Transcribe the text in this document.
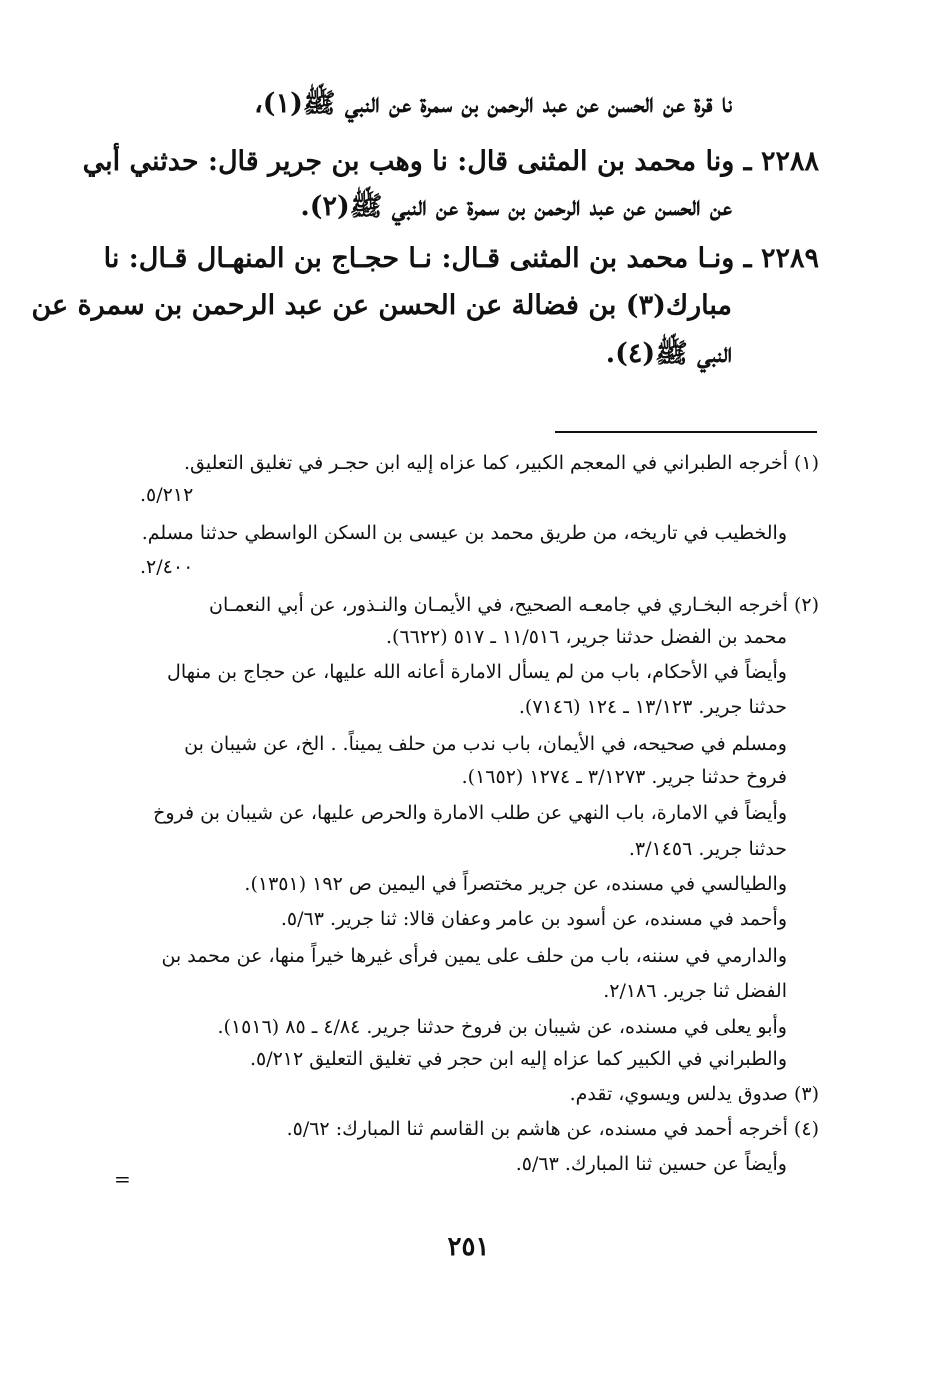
نا قرة عن الحسن عن عبد الرحمن بن سمرة عن النبي ﷺ(١)،
٢٢٨٨ ـ ونا محمد بن المثنى قال: نا وهب بن جرير قال: حدثني أبي
عن الحسن عن عبد الرحمن بن سمرة عن النبي ﷺ(٢).
٢٢٨٩ ـ ونـا محمد بن المثنى قـال: نـا حجـاج بن المنهـال قـال: نا
مبارك(٣) بن فضالة عن الحسن عن عبد الرحمن بن سمرة عن
النبي ﷺ(٤).
(١) أخرجه الطبراني في المعجم الكبير، كما عزاه إليه ابن حجـر في تغليق التعليق.
٥/٢١٢.
والخطيب في تاريخه، من طريق محمد بن عيسى بن السكن الواسطي حدثنا مسلم.
٢/٤٠٠.
(٢) أخرجه البخـاري في جامعـه الصحيح، في الأيمـان والنـذور، عن أبي النعمـان
محمد بن الفضل حدثنا جرير، ١١/٥١٦ ـ ٥١٧ (٦٦٢٢).
وأيضاً في الأحكام، باب من لم يسأل الامارة أعانه الله عليها، عن حجاج بن منهال
حدثنا جرير. ١٣/١٢٣ ـ ١٢٤ (٧١٤٦).
ومسلم في صحيحه، في الأيمان، باب ندب من حلف يميناً. . الخ، عن شيبان بن
فروخ حدثنا جرير. ٣/١٢٧٣ ـ ١٢٧٤ (١٦٥٢).
وأيضاً في الامارة، باب النهي عن طلب الامارة والحرص عليها، عن شيبان بن فروخ
حدثنا جرير. ٣/١٤٥٦.
والطيالسي في مسنده، عن جرير مختصراً في اليمين ص ١٩٢ (١٣٥١).
وأحمد في مسنده، عن أسود بن عامر وعفان قالا: ثنا جرير. ٥/٦٣.
والدارمي في سننه، باب من حلف على يمين فرأى غيرها خيراً منها، عن محمد بن
الفضل ثنا جرير. ٢/١٨٦.
وأبو يعلى في مسنده، عن شيبان بن فروخ حدثنا جرير. ٤/٨٤ ـ ٨٥ (١٥١٦).
والطبراني في الكبير كما عزاه إليه ابن حجر في تغليق التعليق ٥/٢١٢.
(٣) صدوق يدلس ويسوي، تقدم.
(٤) أخرجه أحمد في مسنده، عن هاشم بن القاسم ثنا المبارك: ٥/٦٢.
وأيضاً عن حسين ثنا المبارك. ٥/٦٣.
=
٢٥١
